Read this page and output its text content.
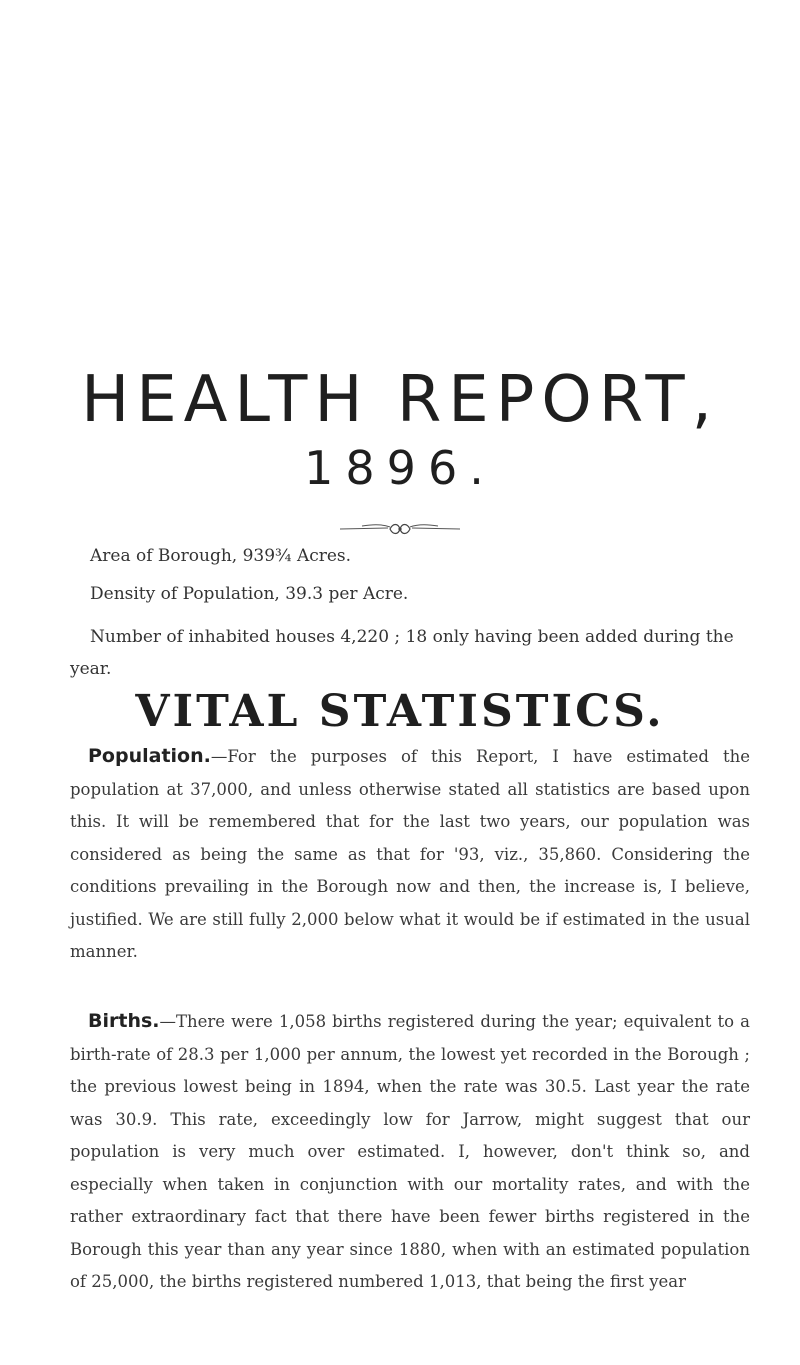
HEALTH REPORT,
1896.
Area of Borough, 939¾ Acres.
Density of Population, 39.3 per Acre.
Number of inhabited houses 4,220 ; 18 only having been added during the year.
VITAL STATISTICS.
Population.—For the purposes of this Report, I have estimated the population at 37,000, and unless otherwise stated all statistics are based upon this. It will be remembered that for the last two years, our population was considered as being the same as that for '93, viz., 35,860. Considering the conditions prevailing in the Borough now and then, the increase is, I believe, justified. We are still fully 2,000 below what it would be if estimated in the usual manner.
Births.—There were 1,058 births registered during the year; equivalent to a birth-rate of 28.3 per 1,000 per annum, the lowest yet recorded in the Borough ; the previous lowest being in 1894, when the rate was 30.5. Last year the rate was 30.9. This rate, exceedingly low for Jarrow, might suggest that our population is very much over estimated. I, however, don't think so, and especially when taken in conjunction with our mortality rates, and with the rather extraordinary fact that there have been fewer births registered in the Borough this year than any year since 1880, when with an estimated population of 25,000, the births registered numbered 1,013, that being the first year
